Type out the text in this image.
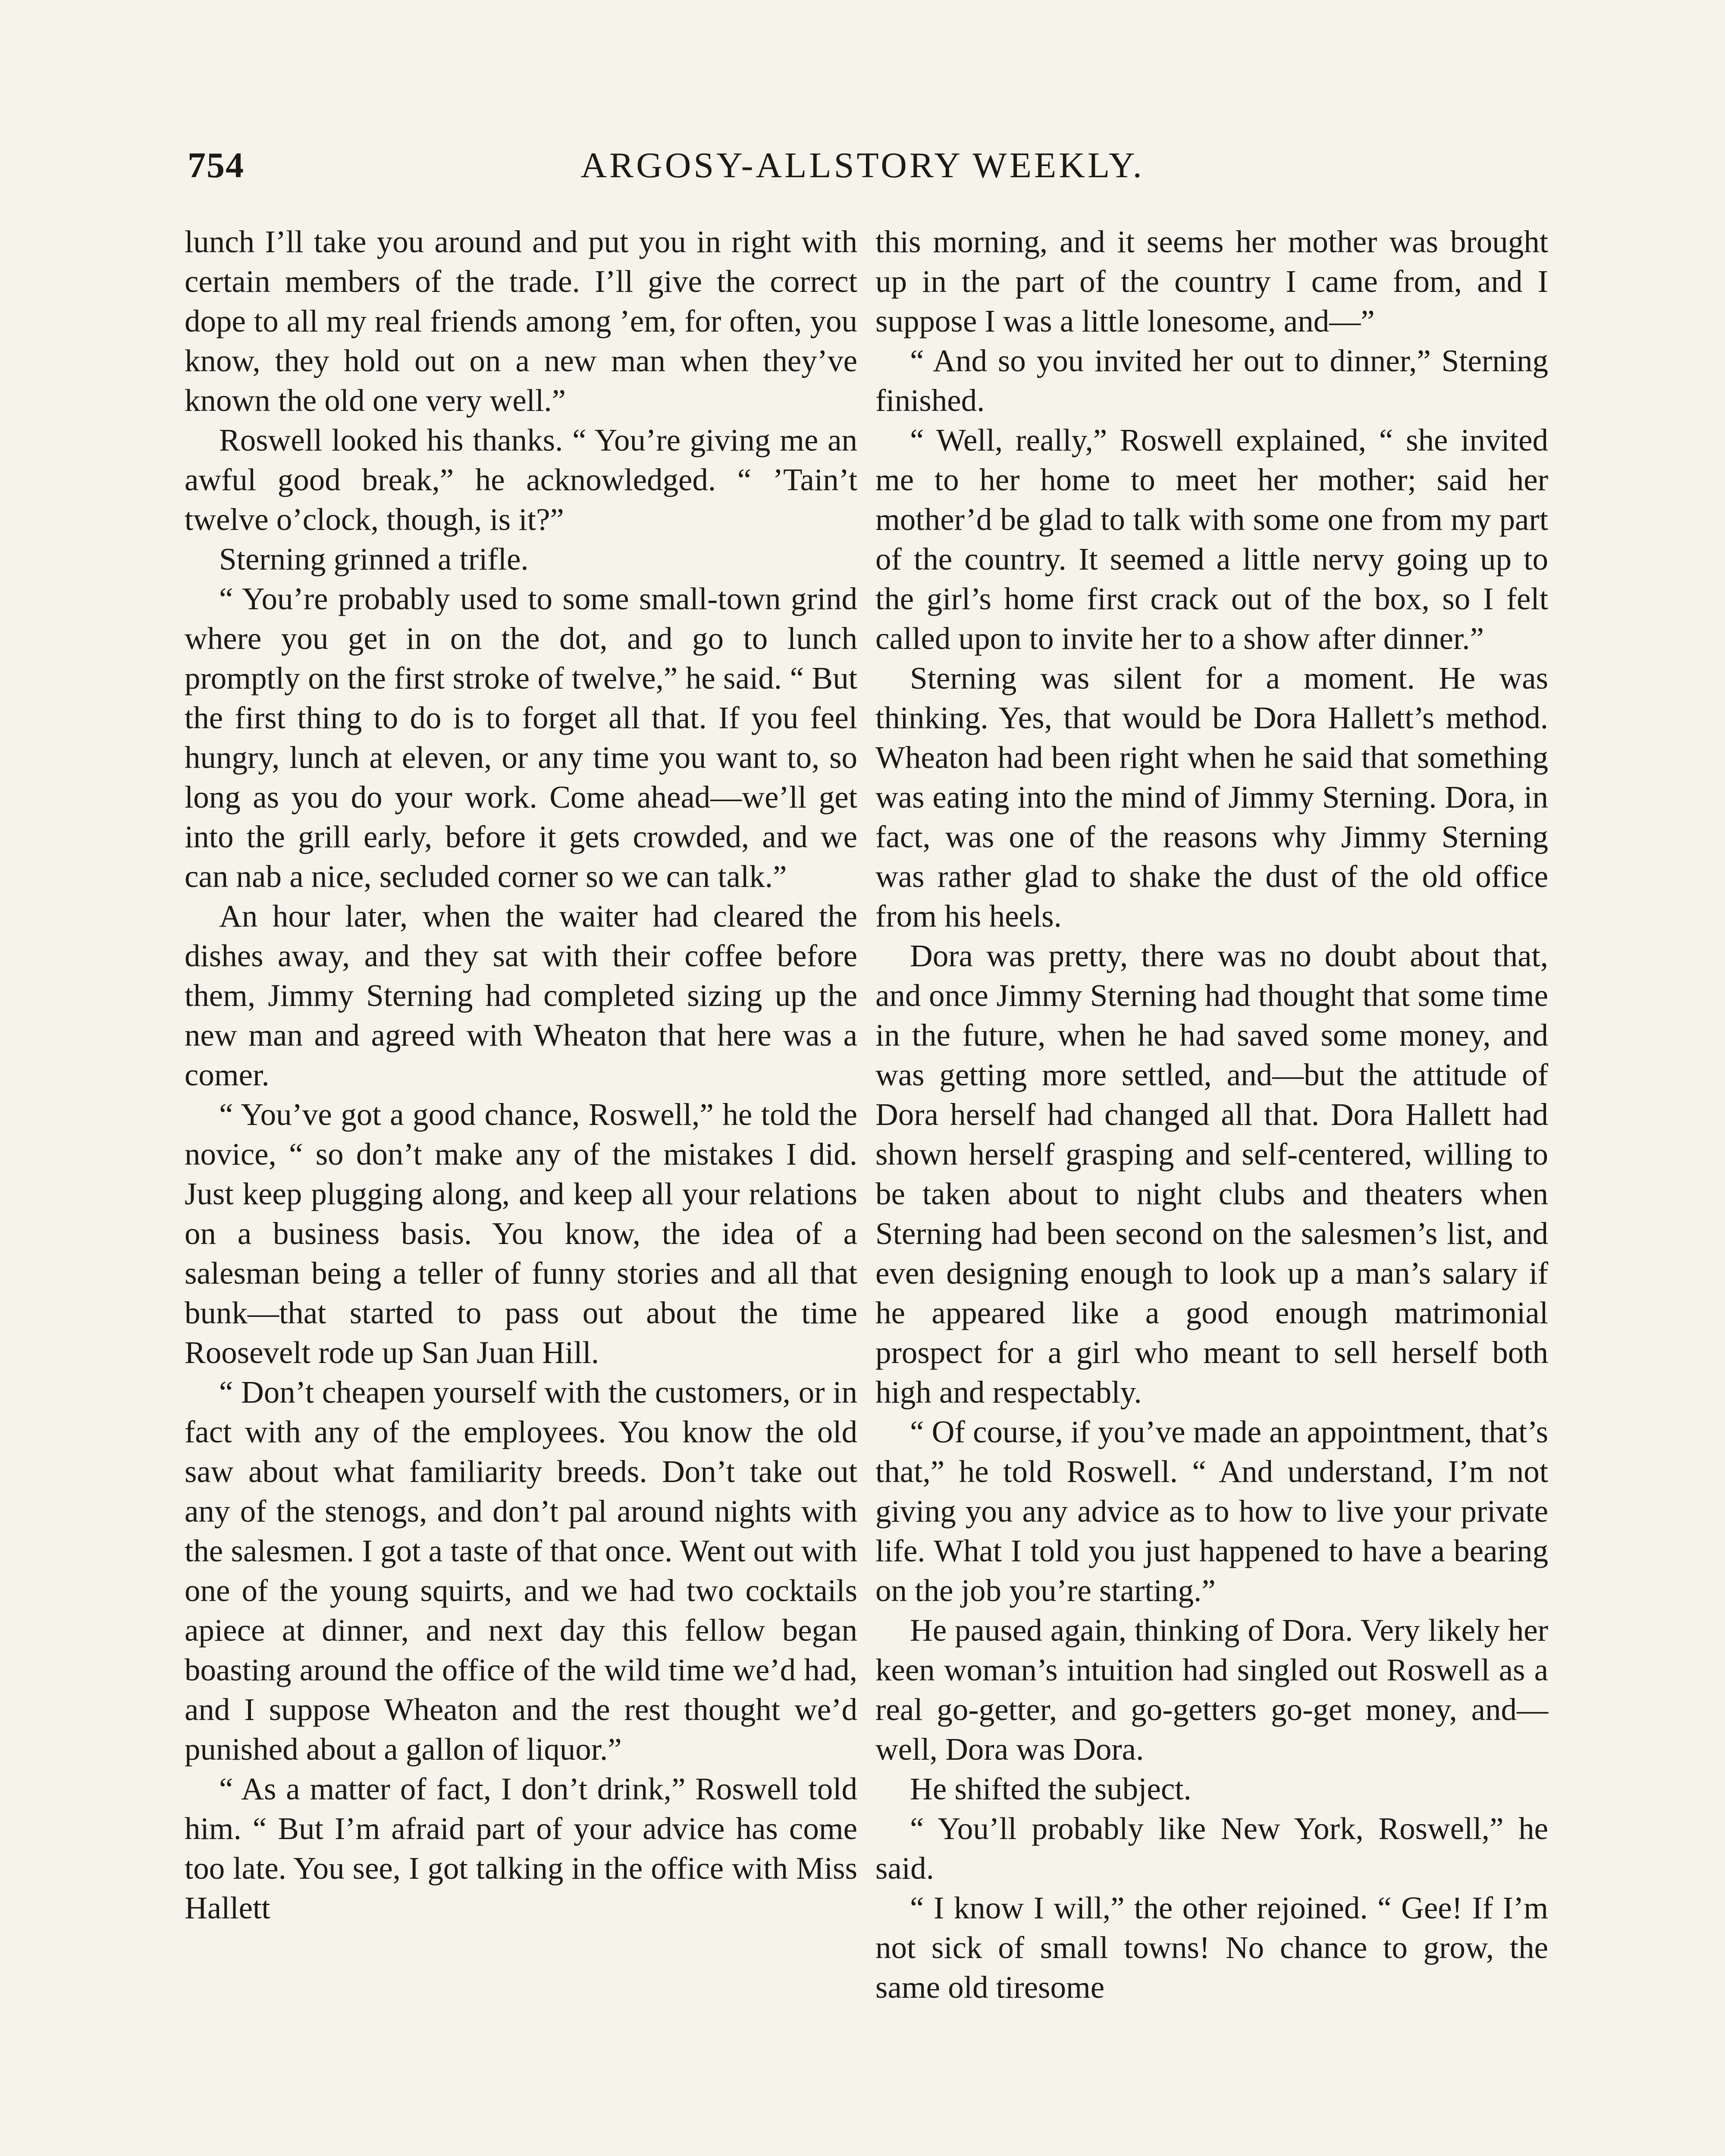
754	ARGOSY-ALLSTORY WEEKLY.

lunch I’ll take you around and put you in right with certain members of the trade. I’ll give the correct dope to all my real friends among ’em, for often, you know, they hold out on a new man when they’ve known the old one very well.”

Roswell looked his thanks. “ You’re giving me an awful good break,” he acknowledged. “ ’Tain’t twelve o’clock, though, is it?”

Sterning grinned a trifle.

“ You’re probably used to some small-town grind where you get in on the dot, and go to lunch promptly on the first stroke of twelve,” he said. “ But the first thing to do is to forget all that. If you feel hungry, lunch at eleven, or any time you want to, so long as you do your work. Come ahead—we’ll get into the grill early, before it gets crowded, and we can nab a nice, secluded corner so we can talk.”

An hour later, when the waiter had cleared the dishes away, and they sat with their coffee before them, Jimmy Sterning had completed sizing up the new man and agreed with Wheaton that here was a comer.

“ You’ve got a good chance, Roswell,” he told the novice, “ so don’t make any of the mistakes I did. Just keep plugging along, and keep all your relations on a business basis. You know, the idea of a salesman being a teller of funny stories and all that bunk—that started to pass out about the time Roosevelt rode up San Juan Hill.

“ Don’t cheapen yourself with the customers, or in fact with any of the employees. You know the old saw about what familiarity breeds. Don’t take out any of the stenogs, and don’t pal around nights with the salesmen. I got a taste of that once. Went out with one of the young squirts, and we had two cocktails apiece at dinner, and next day this fellow began boasting around the office of the wild time we’d had, and I suppose Wheaton and the rest thought we’d punished about a gallon of liquor.”

“ As a matter of fact, I don’t drink,” Roswell told him. “ But I’m afraid part of your advice has come too late. You see, I got talking in the office with Miss Hallett

this morning, and it seems her mother was brought up in the part of the country I came from, and I suppose I was a little lonesome, and—”

“ And so you invited her out to dinner,” Sterning finished.

“ Well, really,” Roswell explained, “ she invited me to her home to meet her mother; said her mother’d be glad to talk with some one from my part of the country. It seemed a little nervy going up to the girl’s home first crack out of the box, so I felt called upon to invite her to a show after dinner.”

Sterning was silent for a moment. He was thinking. Yes, that would be Dora Hallett’s method. Wheaton had been right when he said that something was eating into the mind of Jimmy Sterning. Dora, in fact, was one of the reasons why Jimmy Sterning was rather glad to shake the dust of the old office from his heels.

Dora was pretty, there was no doubt about that, and once Jimmy Sterning had thought that some time in the future, when he had saved some money, and was getting more settled, and—but the attitude of Dora herself had changed all that. Dora Hallett had shown herself grasping and self-centered, willing to be taken about to night clubs and theaters when Sterning had been second on the salesmen’s list, and even designing enough to look up a man’s salary if he appeared like a good enough matrimonial prospect for a girl who meant to sell herself both high and respectably.

“ Of course, if you’ve made an appointment, that’s that,” he told Roswell. “ And understand, I’m not giving you any advice as to how to live your private life. What I told you just happened to have a bearing on the job you’re starting.”

He paused again, thinking of Dora. Very likely her keen woman’s intuition had singled out Roswell as a real go-getter, and go-getters go-get money, and—well, Dora was Dora.

He shifted the subject.

“ You’ll probably like New York, Roswell,” he said.

“ I know I will,” the other rejoined. “ Gee! If I’m not sick of small towns! No chance to grow, the same old tiresome
